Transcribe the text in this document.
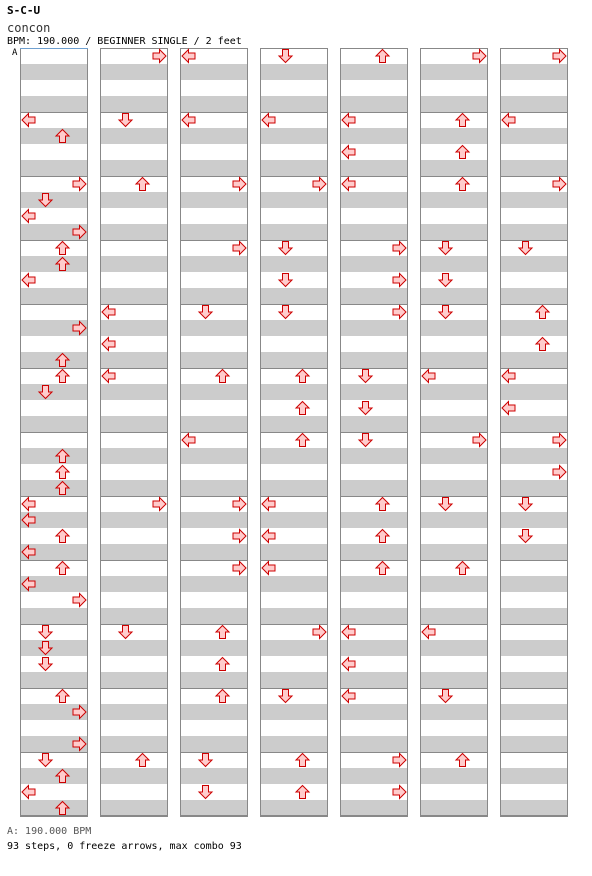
S-C-U
concon
BPM: 190.000 / BEGINNER SINGLE / 2 feet
A
A: 190.000 BPM
93 steps, 0 freeze arrows, max combo 93
